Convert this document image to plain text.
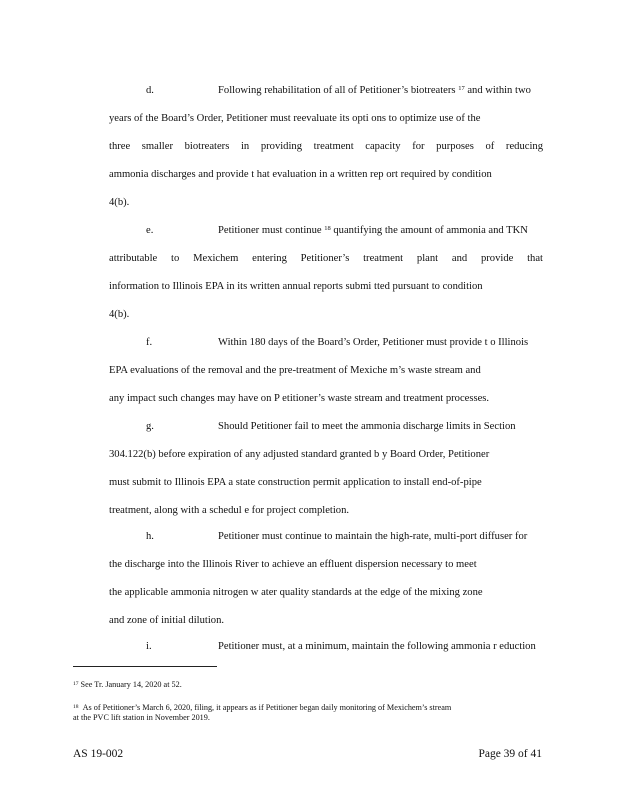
d.	Following rehabilitation of all of Petitioner’s biotreaters $^{17}$ and within two
years of the Board’s Order, Petitioner must reevaluate its opti ons to optimize use of the
three smaller biotreaters in providing treatment capacity for purposes of reducing
ammonia discharges and provide t hat evaluation in a written rep ort required by condition
4(b).
e.	Petitioner must continue $^{18}$ quantifying the amount of ammonia and TKN
attributable to Mexichem entering Petitioner’s treatment plant and provide that
information to Illinois EPA in its written annual reports submi tted pursuant to condition
4(b).
f.	Within 180 days of the Board’s Order, Petitioner must provide t o Illinois
EPA evaluations of the removal and the pre-treatment of Mexiche m’s waste stream and
any impact such changes may have on P etitioner’s waste stream and treatment processes.
g.	Should Petitioner fail to meet the ammonia discharge limits in Section
304.122(b) before expiration of any adjusted standard granted b y Board Order, Petitioner
must submit to Illinois EPA a state construction permit application to install end-of-pipe
treatment, along with a schedul e for project completion.
h.	Petitioner must continue to maintain the high-rate, multi-port diffuser for
the discharge into the Illinois River to achieve an effluent dispersion necessary to meet
the applicable ammonia nitrogen w ater quality standards at the edge of the mixing zone
and zone of initial dilution.
i.	Petitioner must, at a minimum, maintain the following ammonia r eduction
$^{17}$ See Tr. January 14, 2020 at 52.
$^{18}$ As of Petitioner’s March 6, 2020, filing, it appears as if Petitioner began daily monitoring of Mexichem’s stream
at the PVC lift station in November 2019.
AS 19-002	Page 39 of 41
